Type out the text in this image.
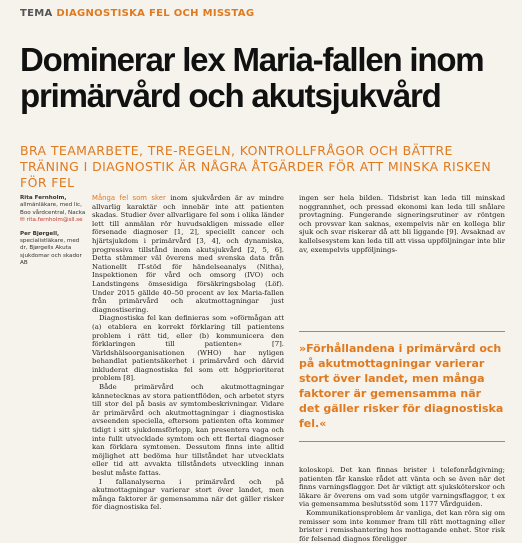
TEMA DIAGNOSTISKA FEL OCH MISSTAG
Dominerar lex Maria-fallen inom primärvård och akutsjukvård

BRA TEAMARBETE, TRE-REGELN, KONTROLLFRÅGOR OCH BÄTTRE TRÄNING I DIAGNOSTIK ÄR NÅGRA ÅTGÄRDER FÖR ATT MINSKA RISKEN FÖR FEL

Rita Fernholm, allmänläkare, med lic, Boo vårdcentral, Nacka
✉ rita.fernholm@sll.se
Per Bjørgell, specialistläkare, med dr, Bjørgells Akuta sjukdomar och skador AB

Många fel som sker inom sjukvården är av mindre allvarlig karaktär och innebär inte att patienten skadas. Studier över allvarligare fel som i olika länder lett till anmälan rör huvudsakligen missade eller försenade diagnoser [1, 2], speciellt cancer och hjärtsjukdom i primärvård [3, 4], och dynamiska, progressiva tillstånd inom akutsjukvård [2, 5, 6]. Detta stämmer väl överens med svenska data från Nationellt IT-stöd för händelseanalys (Nitha), Inspektionen för vård och omsorg (IVO) och Landstingens ömsesidiga försäkringsbolag (Löf). Under 2015 gällde 40–50 procent av lex Maria-fallen från primärvård och akutmottagningar just diagnostisering.

Diagnostiska fel kan definieras som »oförmågan att (a) etablera en korrekt förklaring till patientens problem i rätt tid, eller (b) kommunicera den förklaringen till patienten« [7]. Världshälsoorganisationen (WHO) har nyligen behandlat patientsäkerhet i primärvård och därvid inkluderat diagnostiska fel som ett högprioriterat problem [8].

Både primärvård och akutmottagningar kännetecknas av stora patientflöden, och arbetet styrs till stor del på basis av symtombeskrivningar. Vidare är primärvård och akutmottagningar i diagnostiska avseenden speciella, eftersom patienten ofta kommer tidigt i sitt sjukdomsförlopp, kan presentera vaga och inte fullt utvecklade symtom och ett flertal diagnoser kan förklara symtomen. Dessutom finns inte alltid möjlighet att bedöma hur tillståndet har utvecklats eller tid att avvakta tillståndets utveckling innan beslut måste fattas.

I fallanalyserna i primärvård och på akutmottagningar varierar stort över landet, men många faktorer är gemensamma när det gäller risker för diagnostiska fel.

ingen ser hela bilden. Tidsbrist kan leda till minskad noggrannhet, och pressad ekonomi kan leda till snålare provtagning. Fungerande signeringsrutiner av röntgen och provsvar kan saknas, exempelvis när en kollega blir sjuk och svar riskerar då att bli liggande [9]. Avsaknad av kallelsesystem kan leda till att vissa uppföljningar inte blir av, exempelvis uppföljnings-

»Förhållandena i primärvård och på akutmottagningar varierar stort över landet, men många faktorer är gemensamma när det gäller risker för diagnostiska fel.«

koloskopi. Det kan finnas brister i telefonrådgivning; patienten får kanske rådet att vänta och se även när det finns varningsflaggor. Det är viktigt att sjuksköterskor och läkare är överens om vad som utgör varningsflaggor, t ex via gemensamma beslutsstöd som 1177 Vårdguiden.

Kommunikationsproblem är vanliga, det kan röra sig om remisser som inte kommer fram till rätt mottagning eller brister i remisshantering hos mottagande enhet. Stor risk för felsenad diagnos föreligger
